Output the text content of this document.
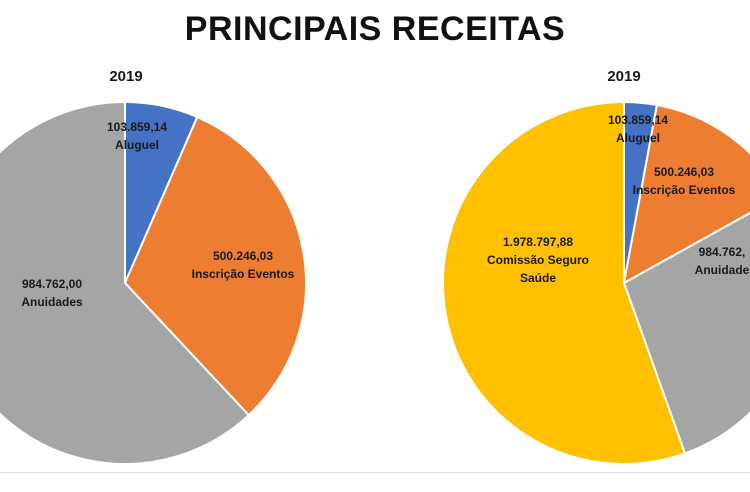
PRINCIPAIS RECEITAS
2019	2019
103.859,14
Aluguel
500.246,03
Inscrição Eventos
984.762,00
Anuidades
103.859,14
Aluguel
500.246,03
Inscrição Eventos
984.762,
Anuidade
1.978.797,88
Comissão Seguro
Saúde
